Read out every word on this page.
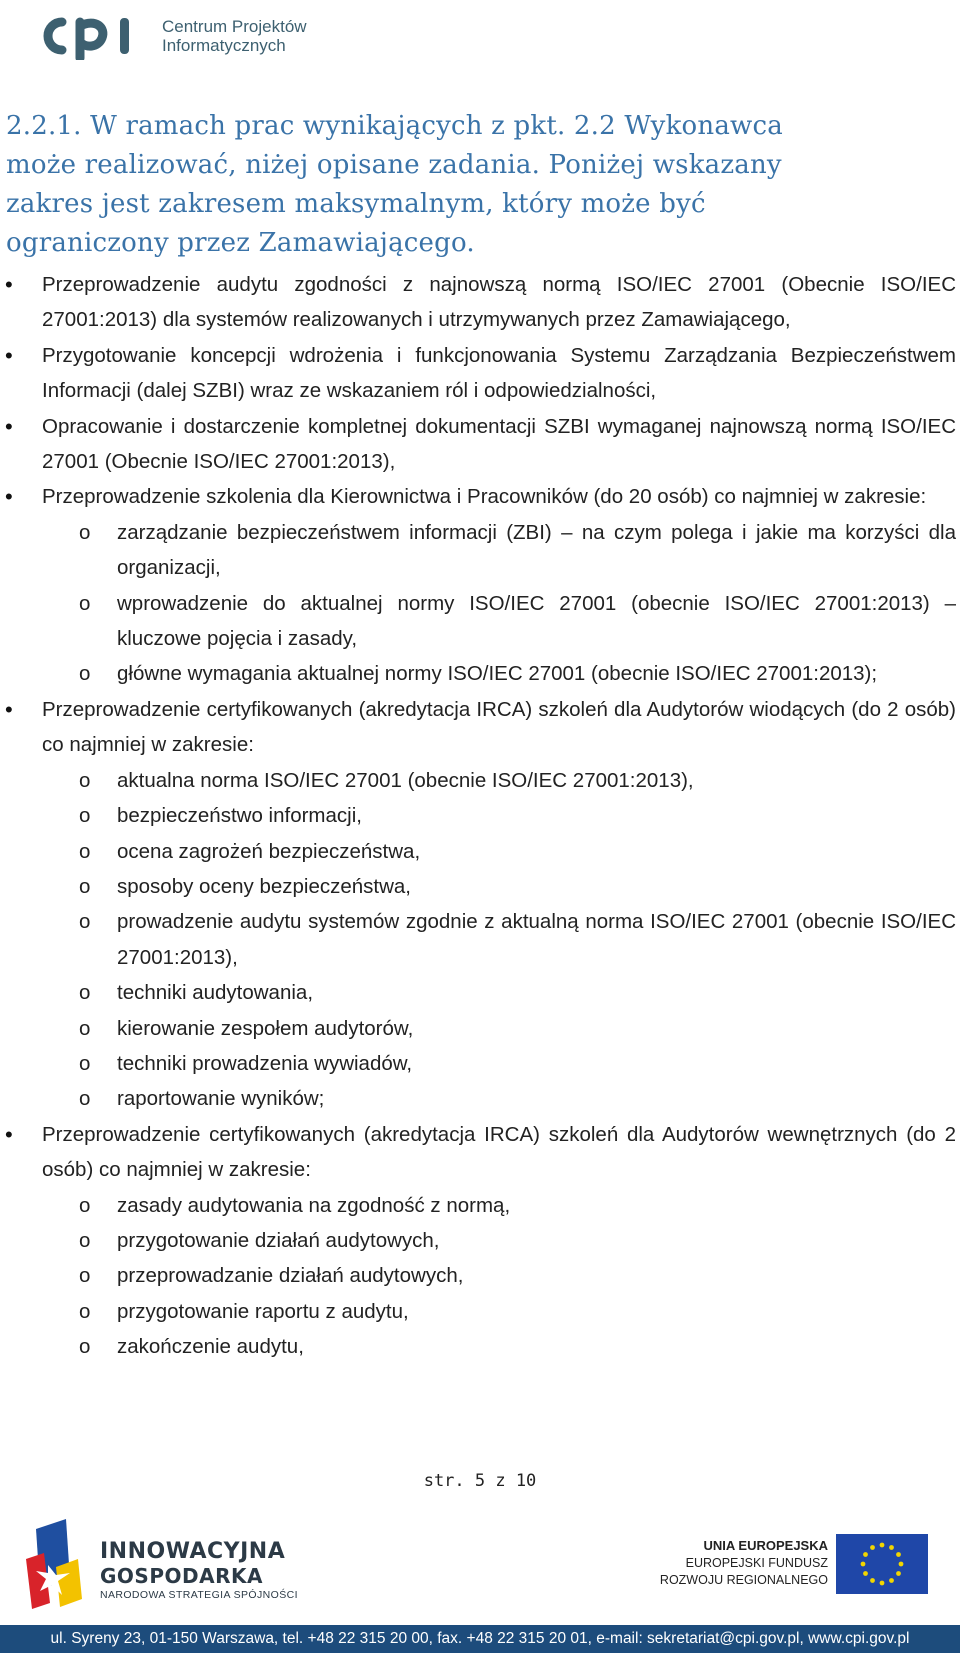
cpi
Centrum Projektów
Informatycznych
2.2.1. W ramach prac wynikających z pkt. 2.2 Wykonawca może realizować, niżej opisane zadania. Poniżej wskazany zakres jest zakresem maksymalnym, który może być ograniczony przez Zamawiającego.
• Przeprowadzenie audytu zgodności z najnowszą normą ISO/IEC 27001 (Obecnie ISO/IEC 27001:2013) dla systemów realizowanych i utrzymywanych przez Zamawiającego,
• Przygotowanie koncepcji wdrożenia i funkcjonowania Systemu Zarządzania Bezpieczeństwem Informacji (dalej SZBI) wraz ze wskazaniem ról i odpowiedzialności,
• Opracowanie i dostarczenie kompletnej dokumentacji SZBI wymaganej najnowszą normą ISO/IEC 27001 (Obecnie ISO/IEC 27001:2013),
• Przeprowadzenie szkolenia dla Kierownictwa i Pracowników (do 20 osób) co najmniej w zakresie:
o zarządzanie bezpieczeństwem informacji (ZBI) – na czym polega i jakie ma korzyści dla organizacji,
o wprowadzenie do aktualnej normy ISO/IEC 27001 (obecnie ISO/IEC 27001:2013) – kluczowe pojęcia i zasady,
o główne wymagania aktualnej normy ISO/IEC 27001 (obecnie ISO/IEC 27001:2013);
• Przeprowadzenie certyfikowanych (akredytacja IRCA) szkoleń dla Audytorów wiodących (do 2 osób) co najmniej w zakresie:
o aktualna norma ISO/IEC 27001 (obecnie ISO/IEC 27001:2013),
o bezpieczeństwo informacji,
o ocena zagrożeń bezpieczeństwa,
o sposoby oceny bezpieczeństwa,
o prowadzenie audytu systemów zgodnie z aktualną norma ISO/IEC 27001 (obecnie ISO/IEC 27001:2013),
o techniki audytowania,
o kierowanie zespołem audytorów,
o techniki prowadzenia wywiadów,
o raportowanie wyników;
• Przeprowadzenie certyfikowanych (akredytacja IRCA) szkoleń dla Audytorów wewnętrznych (do 2 osób) co najmniej w zakresie:
o zasady audytowania na zgodność z normą,
o przygotowanie działań audytowych,
o przeprowadzanie działań audytowych,
o przygotowanie raportu z audytu,
o zakończenie audytu,
str. 5 z 10
INNOWACYJNA
GOSPODARKA
NARODOWA STRATEGIA SPÓJNOŚCI
UNIA EUROPEJSKA
EUROPEJSKI FUNDUSZ
ROZWOJU REGIONALNEGO
ul. Syreny 23, 01-150 Warszawa, tel. +48 22 315 20 00, fax. +48 22 315 20 01, e-mail: sekretariat@cpi.gov.pl, www.cpi.gov.pl
